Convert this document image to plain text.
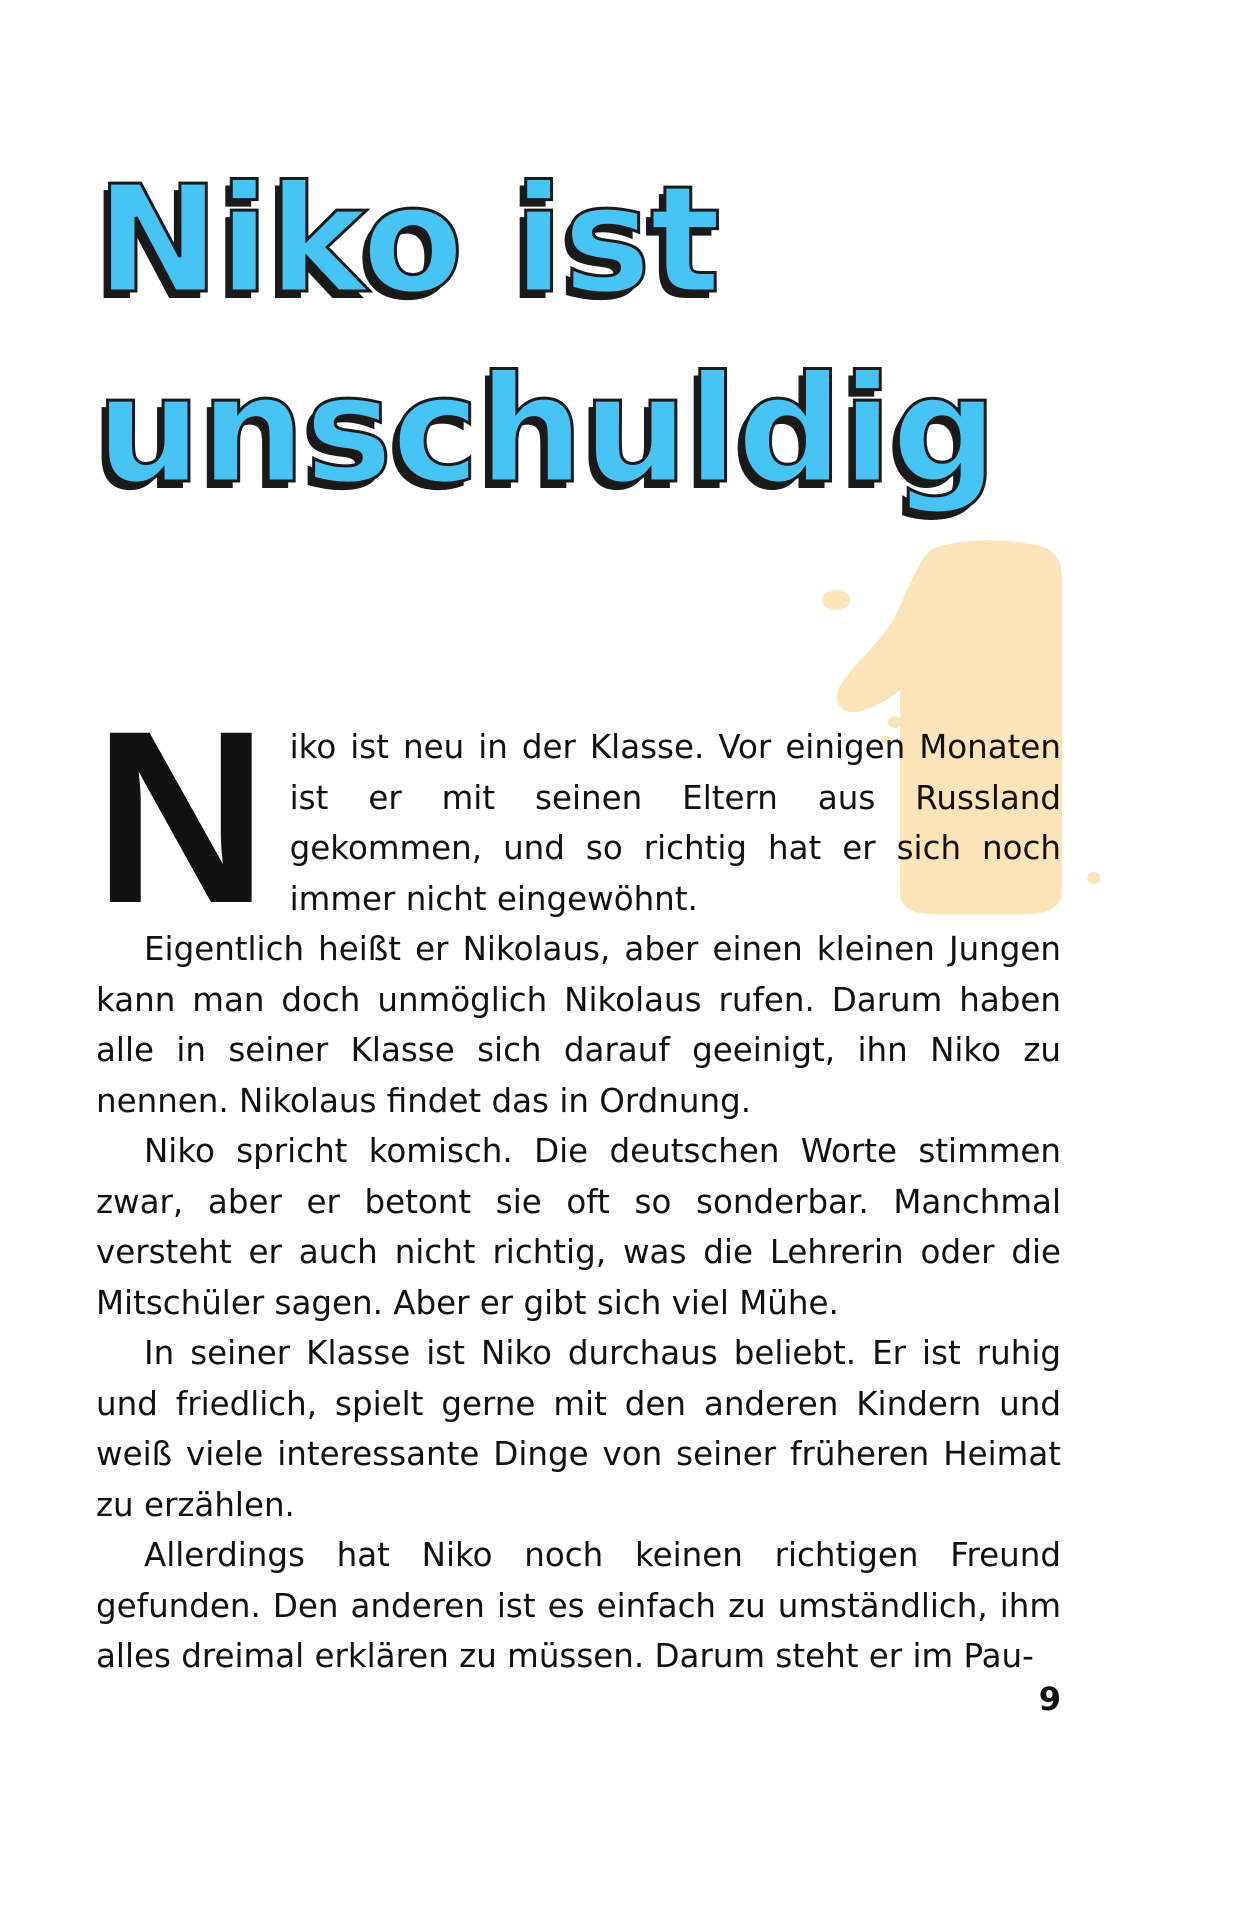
Niko ist
unschuldig
N iko ist neu in der Klasse. Vor einigen Monaten ist er mit seinen Eltern aus Russland gekommen, und so richtig hat er sich noch immer nicht eingewöhnt.

Eigentlich heißt er Nikolaus, aber einen kleinen Jungen kann man doch unmöglich Nikolaus rufen. Darum haben alle in seiner Klasse sich darauf geeinigt, ihn Niko zu nennen. Nikolaus findet das in Ordnung.

Niko spricht komisch. Die deutschen Worte stimmen zwar, aber er betont sie oft so sonderbar. Manchmal versteht er auch nicht richtig, was die Lehrerin oder die Mitschüler sagen. Aber er gibt sich viel Mühe.

In seiner Klasse ist Niko durchaus beliebt. Er ist ruhig und friedlich, spielt gerne mit den anderen Kindern und weiß viele interessante Dinge von seiner früheren Heimat zu erzählen.

Allerdings hat Niko noch keinen richtigen Freund gefunden. Den anderen ist es einfach zu umständlich, ihm alles dreimal erklären zu müssen. Darum steht er im Pau-

9
